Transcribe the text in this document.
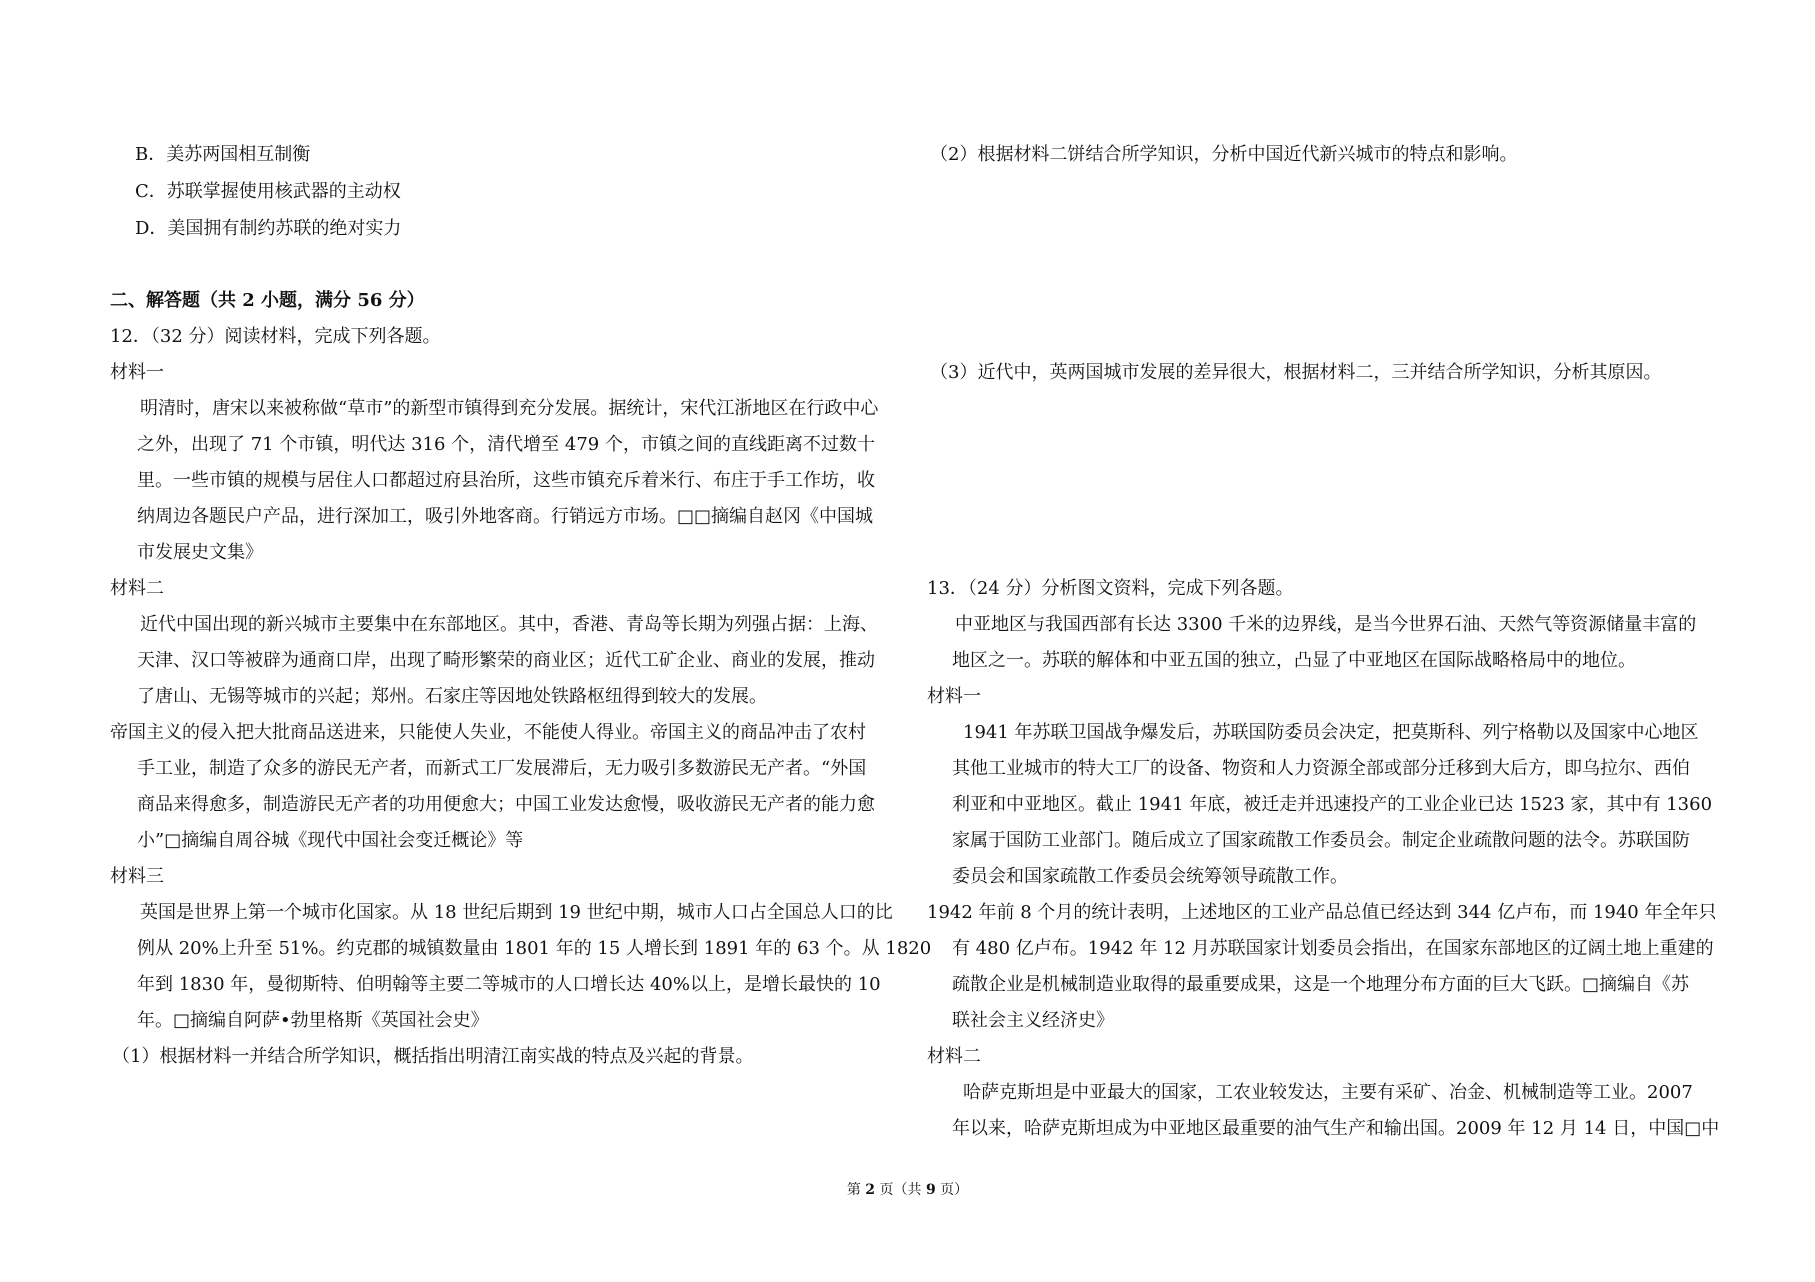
B．美苏两国相互制衡
C．苏联掌握使用核武器的主动权
D．美国拥有制约苏联的绝对实力
二、解答题（共 2 小题，满分 56 分）
12．（32 分）阅读材料，完成下列各题。
材料一
明清时，唐宋以来被称做“草市”的新型市镇得到充分发展。据统计，宋代江浙地区在行政中心
之外，出现了 71 个市镇，明代达 316 个，清代增至 479 个，市镇之间的直线距离不过数十
里。一些市镇的规模与居住人口都超过府县治所，这些市镇充斥着米行、布庄于手工作坊，收
纳周边各题民户产品，进行深加工，吸引外地客商。行销远方市场。□□摘编自赵冈《中国城
市发展史文集》
材料二
近代中国出现的新兴城市主要集中在东部地区。其中，香港、青岛等长期为列强占据：上海、
天津、汉口等被辟为通商口岸，出现了畸形繁荣的商业区；近代工矿企业、商业的发展，推动
了唐山、无锡等城市的兴起；郑州。石家庄等因地处铁路枢纽得到较大的发展。
帝国主义的侵入把大批商品送进来，只能使人失业，不能使人得业。帝国主义的商品冲击了农村
手工业，制造了众多的游民无产者，而新式工厂发展滞后，无力吸引多数游民无产者。“外国
商品来得愈多，制造游民无产者的功用便愈大；中国工业发达愈慢，吸收游民无产者的能力愈
小”□摘编自周谷城《现代中国社会变迁概论》等
材料三
英国是世界上第一个城市化国家。从 18 世纪后期到 19 世纪中期，城市人口占全国总人口的比
例从 20%上升至 51%。约克郡的城镇数量由 1801 年的 15 人增长到 1891 年的 63 个。从 1820
年到 1830 年，曼彻斯特、伯明翰等主要二等城市的人口增长达 40%以上，是增长最快的 10
年。□摘编自阿萨•勃里格斯《英国社会史》
（1）根据材料一并结合所学知识，概括指出明清江南实战的特点及兴起的背景。
（2）根据材料二饼结合所学知识，分析中国近代新兴城市的特点和影响。
（3）近代中，英两国城市发展的差异很大，根据材料二，三并结合所学知识，分析其原因。
13．（24 分）分析图文资料，完成下列各题。
中亚地区与我国西部有长达 3300 千米的边界线，是当今世界石油、天然气等资源储量丰富的
地区之一。苏联的解体和中亚五国的独立，凸显了中亚地区在国际战略格局中的地位。
材料一
1941 年苏联卫国战争爆发后，苏联国防委员会决定，把莫斯科、列宁格勒以及国家中心地区
其他工业城市的特大工厂的设备、物资和人力资源全部或部分迁移到大后方，即乌拉尔、西伯
利亚和中亚地区。截止 1941 年底，被迁走并迅速投产的工业企业已达 1523 家，其中有 1360
家属于国防工业部门。随后成立了国家疏散工作委员会。制定企业疏散问题的法令。苏联国防
委员会和国家疏散工作委员会统筹领导疏散工作。
1942 年前 8 个月的统计表明，上述地区的工业产品总值已经达到 344 亿卢布，而 1940 年全年只
有 480 亿卢布。1942 年 12 月苏联国家计划委员会指出，在国家东部地区的辽阔土地上重建的
疏散企业是机械制造业取得的最重要成果，这是一个地理分布方面的巨大飞跃。□摘编自《苏
联社会主义经济史》
材料二
哈萨克斯坦是中亚最大的国家，工农业较发达，主要有采矿、冶金、机械制造等工业。2007
年以来，哈萨克斯坦成为中亚地区最重要的油气生产和输出国。2009 年 12 月 14 日，中国□中
第 2 页（共 9 页）
